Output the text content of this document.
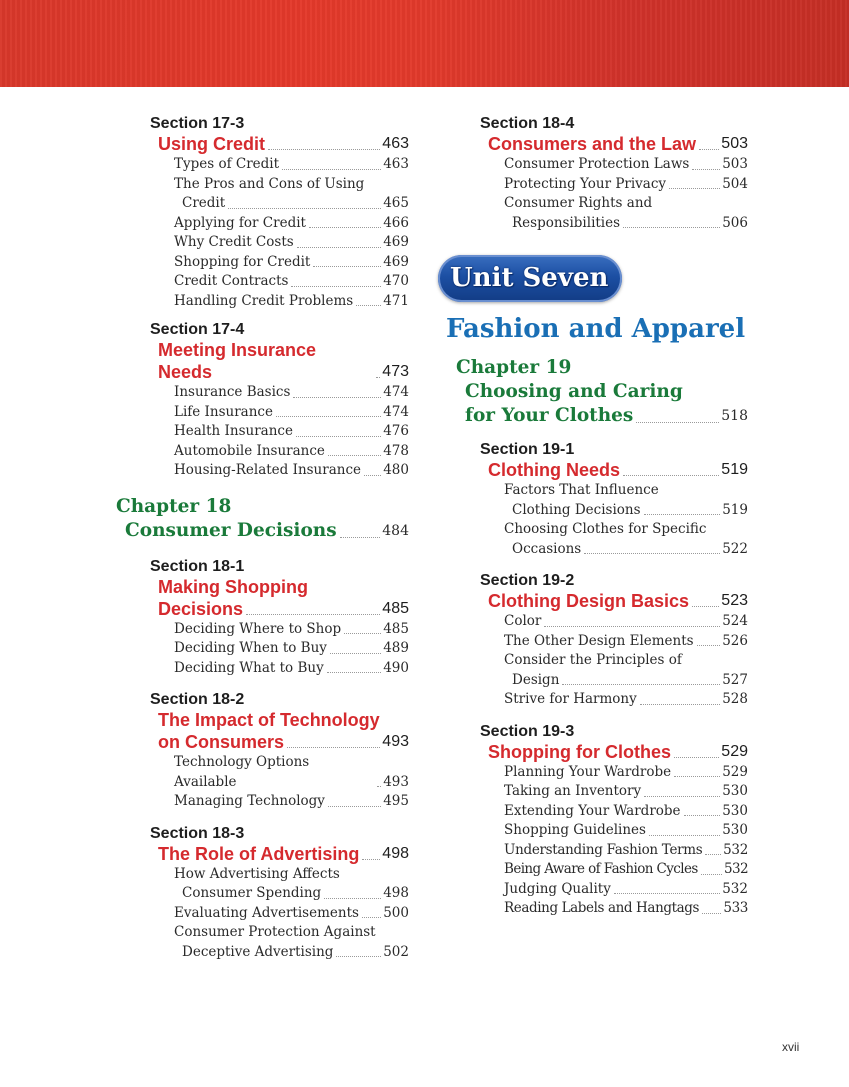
Section 17-3
Using Credit	463
Types of Credit	463
The Pros and Cons of Using
Credit	465
Applying for Credit	466
Why Credit Costs	469
Shopping for Credit	469
Credit Contracts	470
Handling Credit Problems 471
Section 17-4
Meeting Insurance Needs	473
Insurance Basics	474
Life Insurance	474
Health Insurance	476
Automobile Insurance	478
Housing-Related Insurance 480
Chapter 18
Consumer Decisions	484
Section 18-1
Making Shopping
Decisions	485
Deciding Where to Shop	485
Deciding When to Buy	489
Deciding What to Buy	490
Section 18-2
The Impact of Technology
on Consumers	493
Technology Options Available	493
Managing Technology	495
Section 18-3
The Role of Advertising 498
How Advertising Affects
Consumer Spending	498
Evaluating Advertisements 500
Consumer Protection Against
Deceptive Advertising	502
Section 18-4
Consumers and the Law 503
Consumer Protection Laws 503
Protecting Your Privacy	504
Consumer Rights and
Responsibilities	506
Unit Seven
Fashion and Apparel
Chapter 19
Choosing and Caring
for Your Clothes	518
Section 19-1
Clothing Needs	519
Factors That Influence
Clothing Decisions	519
Choosing Clothes for Specific
Occasions	522
Section 19-2
Clothing Design Basics 523
Color	524
The Other Design Elements 526
Consider the Principles of
Design	527
Strive for Harmony	528
Section 19-3
Shopping for Clothes	529
Planning Your Wardrobe	529
Taking an Inventory	530
Extending Your Wardrobe	530
Shopping Guidelines	530
Understanding Fashion Terms 532
Being Aware of Fashion Cycles 532
Judging Quality	532
Reading Labels and Hangtags 533
xvii
